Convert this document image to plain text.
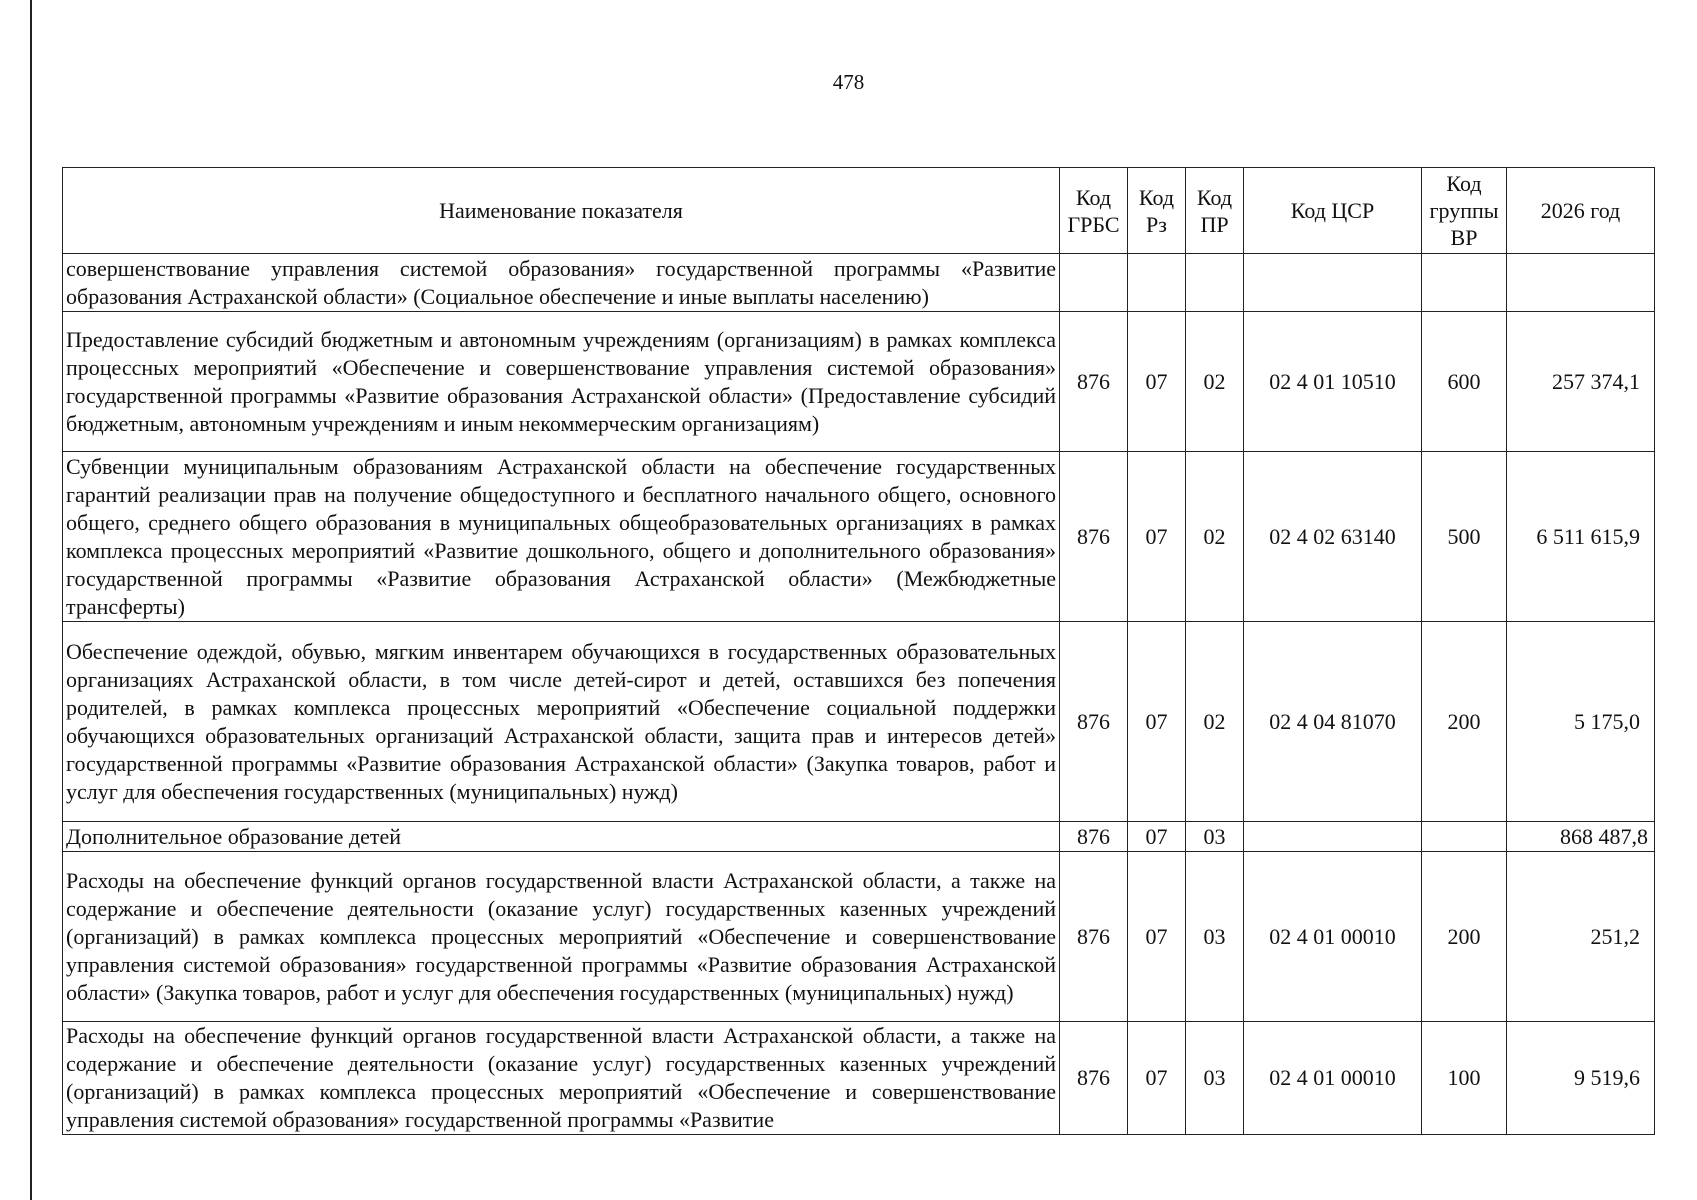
478
Наименование показателя	Код ГРБС	Код Рз	Код ПР	Код ЦСР	Код группы ВР	2026 год
совершенствование управления системой образования» государственной программы «Развитие образования Астраханской области» (Социальное обеспечение и иные выплаты населению)						
Предоставление субсидий бюджетным и автономным учреждениям (организациям) в рамках комплекса процессных мероприятий «Обеспечение и совершенствование управления системой образования» государственной программы «Развитие образования Астраханской области» (Предоставление субсидий бюджетным, автономным учреждениям и иным некоммерческим организациям)	876	07	02	02 4 01 10510	600	257 374,1
Субвенции муниципальным образованиям Астраханской области на обеспечение государственных гарантий реализации прав на получение общедоступного и бесплатного начального общего, основного общего, среднего общего образования в муниципальных общеобразовательных организациях в рамках комплекса процессных мероприятий «Развитие дошкольного, общего и дополнительного образования» государственной программы «Развитие образования Астраханской области» (Межбюджетные трансферты)	876	07	02	02 4 02 63140	500	6 511 615,9
Обеспечение одеждой, обувью, мягким инвентарем обучающихся в государственных образовательных организациях Астраханской области, в том числе детей-сирот и детей, оставшихся без попечения родителей, в рамках комплекса процессных мероприятий «Обеспечение социальной поддержки обучающихся образовательных организаций Астраханской области, защита прав и интересов детей» государственной программы «Развитие образования Астраханской области» (Закупка товаров, работ и услуг для обеспечения государственных (муниципальных) нужд)	876	07	02	02 4 04 81070	200	5 175,0
Дополнительное образование детей	876	07	03			868 487,8
Расходы на обеспечение функций органов государственной власти Астраханской области, а также на содержание и обеспечение деятельности (оказание услуг) государственных казенных учреждений (организаций) в рамках комплекса процессных мероприятий «Обеспечение и совершенствование управления системой образования» государственной программы «Развитие образования Астраханской области» (Закупка товаров, работ и услуг для обеспечения государственных (муниципальных) нужд)	876	07	03	02 4 01 00010	200	251,2
Расходы на обеспечение функций органов государственной власти Астраханской области, а также на содержание и обеспечение деятельности (оказание услуг) государственных казенных учреждений (организаций) в рамках комплекса процессных мероприятий «Обеспечение и совершенствование управления системой образования» государственной программы «Развитие	876	07	03	02 4 01 00010	100	9 519,6
